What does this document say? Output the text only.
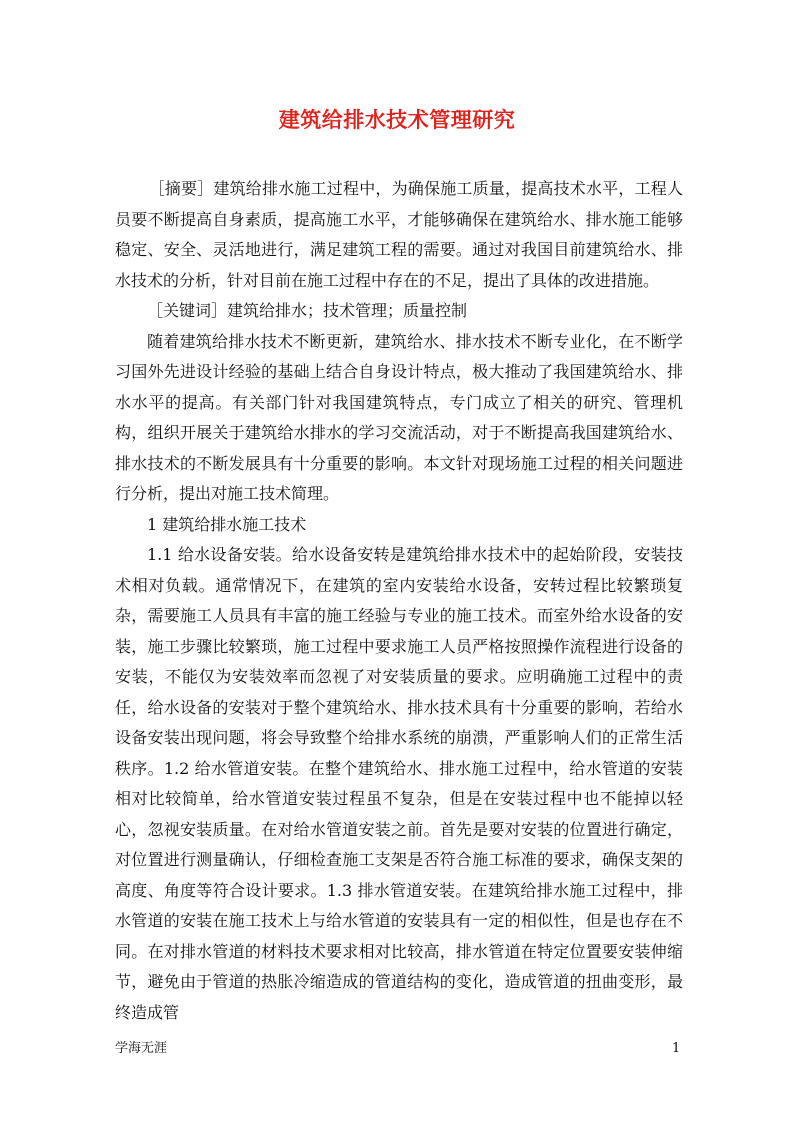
建筑给排水技术管理研究

［摘要］建筑给排水施工过程中，为确保施工质量，提高技术水平，工程人员要不断提高自身素质，提高施工水平，才能够确保在建筑给水、排水施工能够稳定、安全、灵活地进行，满足建筑工程的需要。通过对我国目前建筑给水、排水技术的分析，针对目前在施工过程中存在的不足，提出了具体的改进措施。

［关键词］建筑给排水；技术管理；质量控制

随着建筑给排水技术不断更新，建筑给水、排水技术不断专业化，在不断学习国外先进设计经验的基础上结合自身设计特点，极大推动了我国建筑给水、排水水平的提高。有关部门针对我国建筑特点，专门成立了相关的研究、管理机构，组织开展关于建筑给水排水的学习交流活动，对于不断提高我国建筑给水、排水技术的不断发展具有十分重要的影响。本文针对现场施工过程的相关问题进行分析，提出对施工技术简理。

1 建筑给排水施工技术

1.1 给水设备安装。给水设备安转是建筑给排水技术中的起始阶段，安装技术相对负载。通常情况下，在建筑的室内安装给水设备，安转过程比较繁琐复杂，需要施工人员具有丰富的施工经验与专业的施工技术。而室外给水设备的安装，施工步骤比较繁琐，施工过程中要求施工人员严格按照操作流程进行设备的安装，不能仅为安装效率而忽视了对安装质量的要求。应明确施工过程中的责任，给水设备的安装对于整个建筑给水、排水技术具有十分重要的影响，若给水设备安装出现问题，将会导致整个给排水系统的崩溃，严重影响人们的正常生活秩序。1.2 给水管道安装。在整个建筑给水、排水施工过程中，给水管道的安装相对比较简单，给水管道安装过程虽不复杂，但是在安装过程中也不能掉以轻心，忽视安装质量。在对给水管道安装之前。首先是要对安装的位置进行确定，对位置进行测量确认，仔细检查施工支架是否符合施工标准的要求，确保支架的高度、角度等符合设计要求。1.3 排水管道安装。在建筑给排水施工过程中，排水管道的安装在施工技术上与给水管道的安装具有一定的相似性，但是也存在不同。在对排水管道的材料技术要求相对比较高，排水管道在特定位置要安装伸缩节，避免由于管道的热胀冷缩造成的管道结构的变化，造成管道的扭曲变形，最终造成管

学海无涯	1
